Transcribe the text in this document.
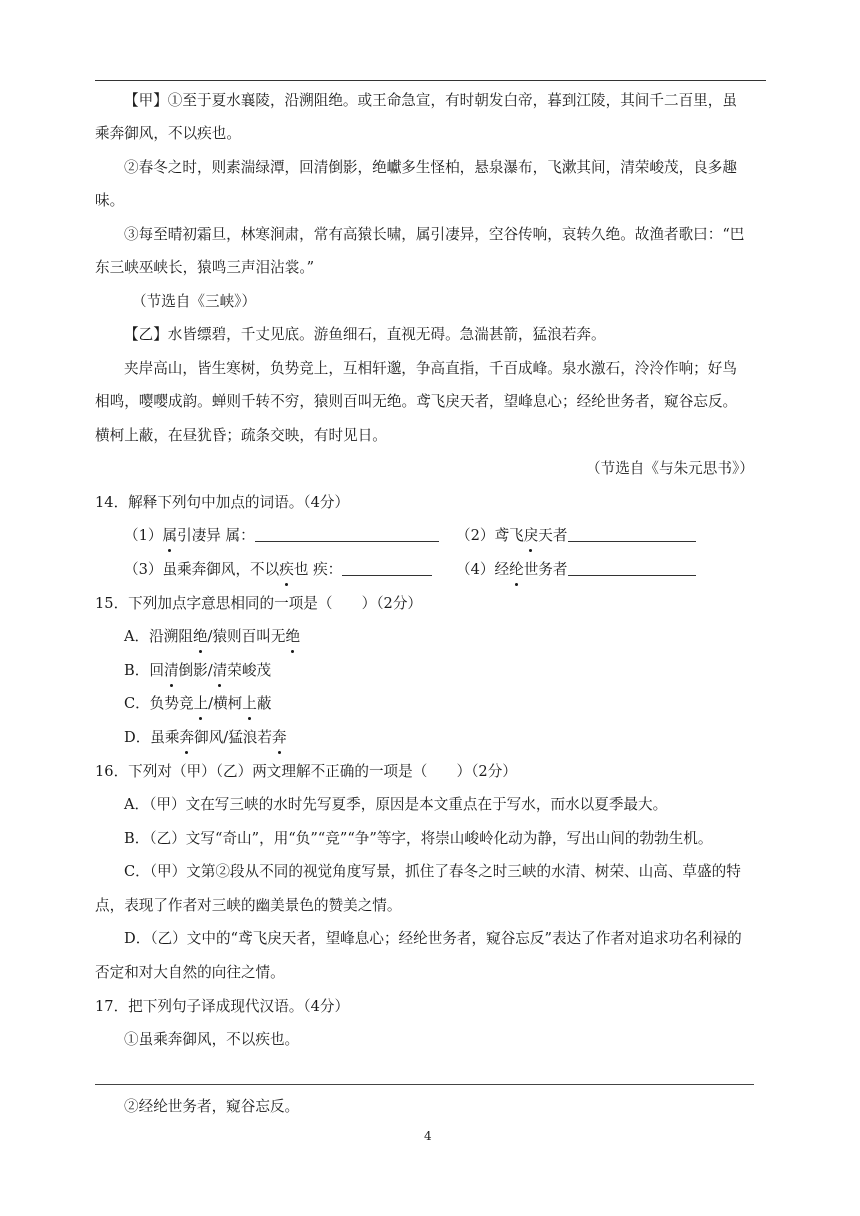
【甲】①至于夏水襄陵，沿溯阻绝。或王命急宣，有时朝发白帝，暮到江陵，其间千二百里，虽
乘奔御风，不以疾也。
②春冬之时，则素湍绿潭，回清倒影，绝巘多生怪柏，悬泉瀑布，飞漱其间，清荣峻茂，良多趣
味。
③每至晴初霜旦，林寒涧肃，常有高猿长啸，属引凄异，空谷传响，哀转久绝。故渔者歌曰：“巴
东三峡巫峡长，猿鸣三声泪沾裳。”
（节选自《三峡》）
【乙】水皆缥碧，千丈见底。游鱼细石，直视无碍。急湍甚箭，猛浪若奔。
夹岸高山，皆生寒树，负势竞上，互相轩邈，争高直指，千百成峰。泉水激石，泠泠作响；好鸟
相鸣，嘤嘤成韵。蝉则千转不穷，猿则百叫无绝。鸢飞戾天者，望峰息心；经纶世务者，窥谷忘反。
横柯上蔽，在昼犹昏；疏条交映，有时见日。
（节选自《与朱元思书》）
14．解释下列句中加点的词语。（4分）
（1）属引凄异 属：	（2）鸢飞戾天者
（3）虽乘奔御风，不以疾也 疾：	（4）经纶世务者
15．下列加点字意思相同的一项是（　　）（2分）
A．沿溯阻绝/猿则百叫无绝
B．回清倒影/清荣峻茂
C．负势竞上/横柯上蔽
D．虽乘奔御风/猛浪若奔
16．下列对（甲）（乙）两文理解不正确的一项是（　　）（2分）
A．（甲）文在写三峡的水时先写夏季，原因是本文重点在于写水，而水以夏季最大。
B．（乙）文写“奇山”，用“负”“竞”“争”等字，将崇山峻岭化动为静，写出山间的勃勃生机。
C．（甲）文第②段从不同的视觉角度写景，抓住了春冬之时三峡的水清、树荣、山高、草盛的特
点，表现了作者对三峡的幽美景色的赞美之情。
D．（乙）文中的“鸢飞戾天者，望峰息心；经纶世务者，窥谷忘反”表达了作者对追求功名利禄的
否定和对大自然的向往之情。
17．把下列句子译成现代汉语。（4分）
①虽乘奔御风，不以疾也。
②经纶世务者，窥谷忘反。
4
